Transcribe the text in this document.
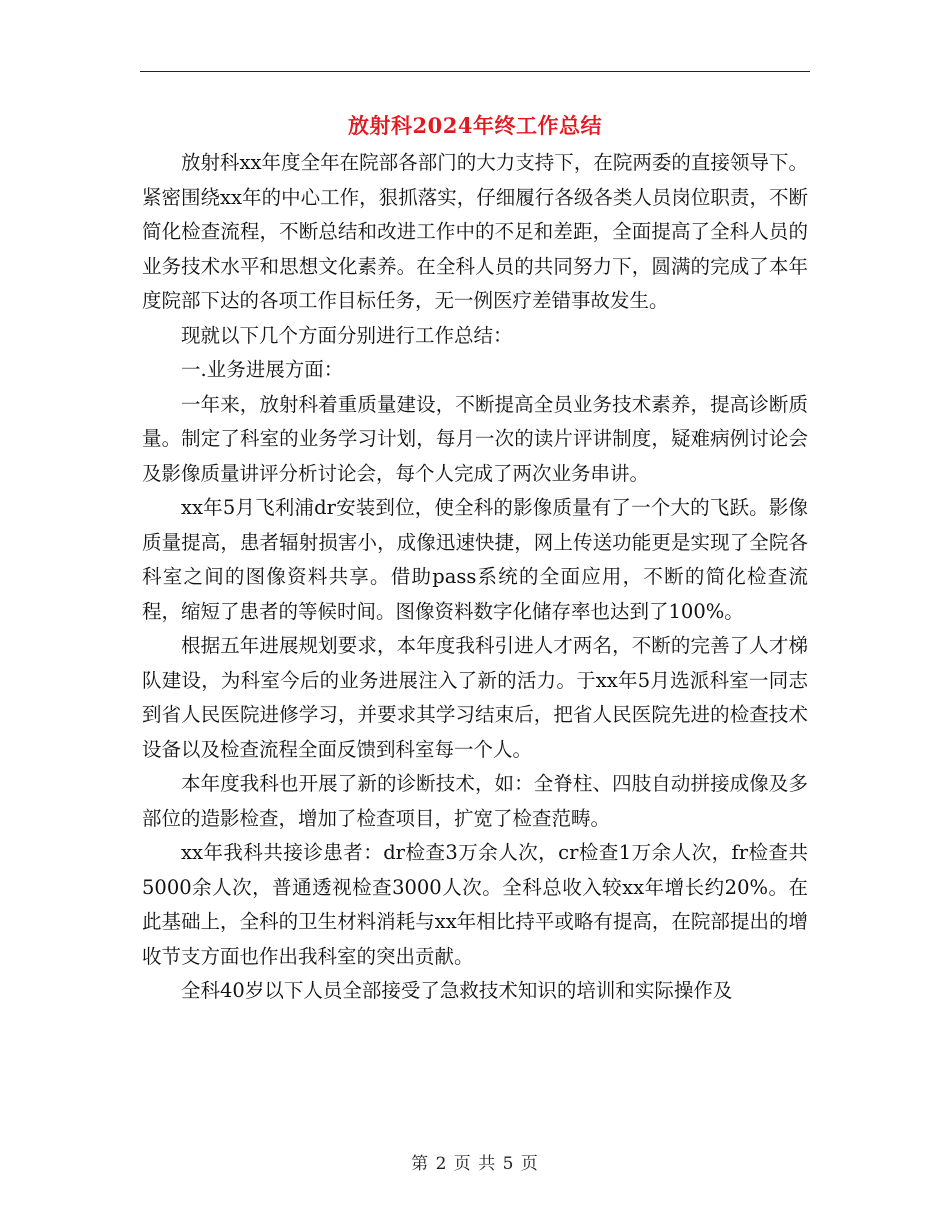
放射科2024年终工作总结

放射科xx年度全年在院部各部门的大力支持下，在院两委的直接领导下。紧密围绕xx年的中心工作，狠抓落实，仔细履行各级各类人员岗位职责，不断简化检查流程，不断总结和改进工作中的不足和差距，全面提高了全科人员的业务技术水平和思想文化素养。在全科人员的共同努力下，圆满的完成了本年度院部下达的各项工作目标任务，无一例医疗差错事故发生。

现就以下几个方面分别进行工作总结：

一.业务进展方面：

一年来，放射科着重质量建设，不断提高全员业务技术素养，提高诊断质量。制定了科室的业务学习计划，每月一次的读片评讲制度，疑难病例讨论会及影像质量讲评分析讨论会，每个人完成了两次业务串讲。

xx年5月飞利浦dr安装到位，使全科的影像质量有了一个大的飞跃。影像质量提高，患者辐射损害小，成像迅速快捷，网上传送功能更是实现了全院各科室之间的图像资料共享。借助pass系统的全面应用，不断的简化检查流程，缩短了患者的等候时间。图像资料数字化储存率也达到了100%。

根据五年进展规划要求，本年度我科引进人才两名，不断的完善了人才梯队建设，为科室今后的业务进展注入了新的活力。于xx年5月选派科室一同志到省人民医院进修学习，并要求其学习结束后，把省人民医院先进的检查技术设备以及检查流程全面反馈到科室每一个人。

本年度我科也开展了新的诊断技术，如：全脊柱、四肢自动拼接成像及多部位的造影检查，增加了检查项目，扩宽了检查范畴。

xx年我科共接诊患者：dr检查3万余人次，cr检查1万余人次，fr检查共5000余人次，普通透视检查3000人次。全科总收入较xx年增长约20%。在此基础上，全科的卫生材料消耗与xx年相比持平或略有提高，在院部提出的增收节支方面也作出我科室的突出贡献。

全科40岁以下人员全部接受了急救技术知识的培训和实际操作及

第 2 页 共 5 页
